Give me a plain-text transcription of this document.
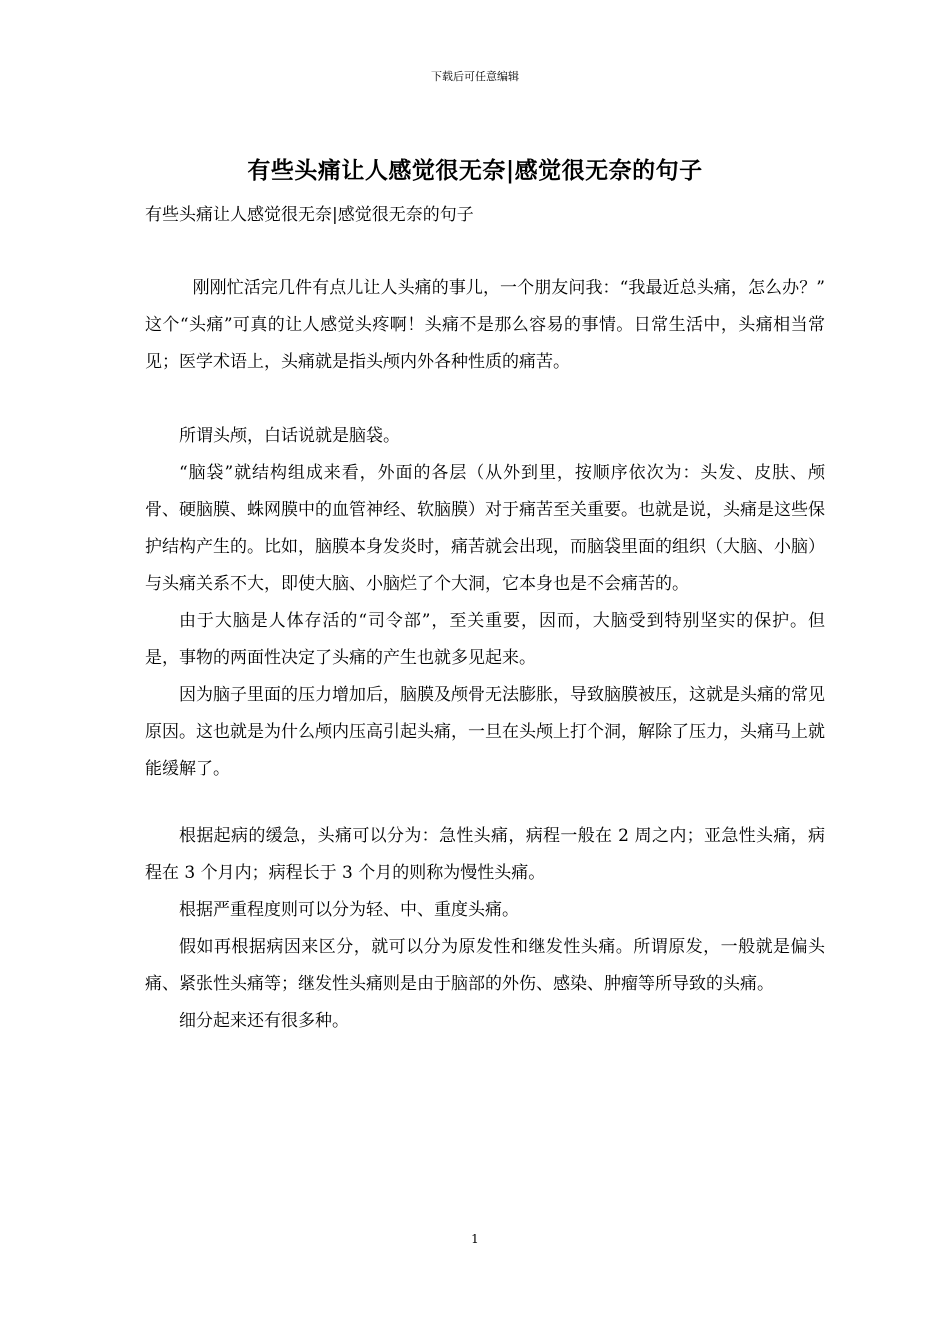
下载后可任意编辑
有些头痛让人感觉很无奈|感觉很无奈的句子
有些头痛让人感觉很无奈|感觉很无奈的句子

刚刚忙活完几件有点儿让人头痛的事儿，一个朋友问我：“我最近总头痛，怎么办？” 这个“头痛”可真的让人感觉头疼啊！头痛不是那么容易的事情。日常生活中，头痛相当常见；医学术语上，头痛就是指头颅内外各种性质的痛苦。

所谓头颅，白话说就是脑袋。

“脑袋”就结构组成来看，外面的各层（从外到里，按顺序依次为：头发、皮肤、颅骨、硬脑膜、蛛网膜中的血管神经、软脑膜）对于痛苦至关重要。也就是说，头痛是这些保护结构产生的。比如，脑膜本身发炎时，痛苦就会出现，而脑袋里面的组织（大脑、小脑）与头痛关系不大，即使大脑、小脑烂了个大洞，它本身也是不会痛苦的。

由于大脑是人体存活的“司令部”，至关重要，因而，大脑受到特别坚实的保护。但是，事物的两面性决定了头痛的产生也就多见起来。

因为脑子里面的压力增加后，脑膜及颅骨无法膨胀，导致脑膜被压，这就是头痛的常见原因。这也就是为什么颅内压高引起头痛，一旦在头颅上打个洞，解除了压力，头痛马上就能缓解了。

根据起病的缓急，头痛可以分为：急性头痛，病程一般在 2 周之内；亚急性头痛，病程在 3 个月内；病程长于 3 个月的则称为慢性头痛。

根据严重程度则可以分为轻、中、重度头痛。

假如再根据病因来区分，就可以分为原发性和继发性头痛。所谓原发，一般就是偏头痛、紧张性头痛等；继发性头痛则是由于脑部的外伤、感染、肿瘤等所导致的头痛。

细分起来还有很多种。

1
